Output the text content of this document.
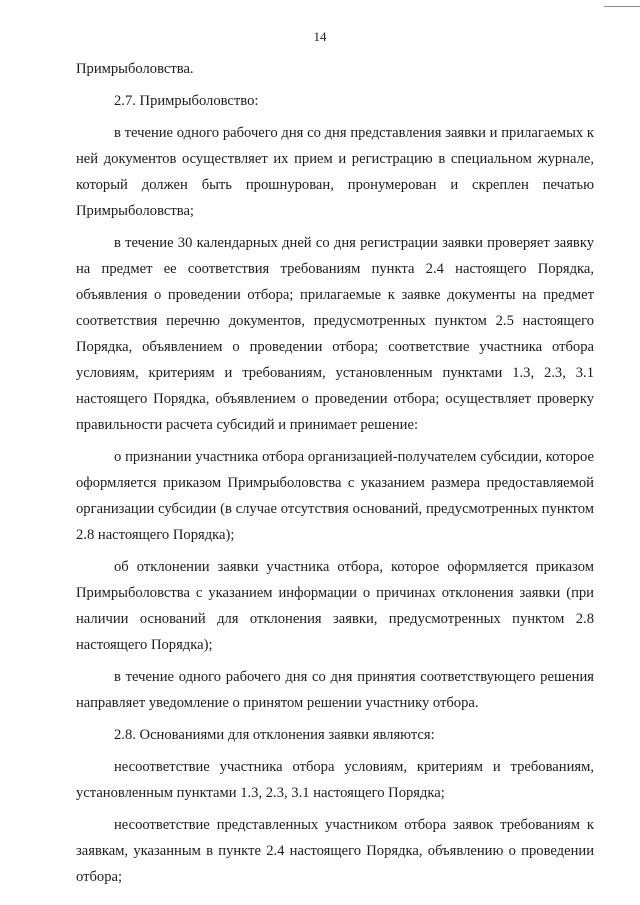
14

Примрыболовства.

2.7. Примрыболовство:

в течение одного рабочего дня со дня представления заявки и прилагаемых к ней документов осуществляет их прием и регистрацию в специальном журнале, который должен быть прошнурован, пронумерован и скреплен печатью Примрыболовства;

в течение 30 календарных дней со дня регистрации заявки проверяет заявку на предмет ее соответствия требованиям пункта 2.4 настоящего Порядка, объявления о проведении отбора; прилагаемые к заявке документы на предмет соответствия перечню документов, предусмотренных пунктом 2.5 настоящего Порядка, объявлением о проведении отбора; соответствие участника отбора условиям, критериям и требованиям, установленным пунктами 1.3, 2.3, 3.1 настоящего Порядка, объявлением о проведении отбора; осуществляет проверку правильности расчета субсидий и принимает решение:

о признании участника отбора организацией-получателем субсидии, которое оформляется приказом Примрыболовства с указанием размера предоставляемой организации субсидии (в случае отсутствия оснований, предусмотренных пунктом 2.8 настоящего Порядка);

об отклонении заявки участника отбора, которое оформляется приказом Примрыболовства с указанием информации о причинах отклонения заявки (при наличии оснований для отклонения заявки, предусмотренных пунктом 2.8 настоящего Порядка);

в течение одного рабочего дня со дня принятия соответствующего решения направляет уведомление о принятом решении участнику отбора.

2.8. Основаниями для отклонения заявки являются:

несоответствие участника отбора условиям, критериям и требованиям, установленным пунктами 1.3, 2.3, 3.1 настоящего Порядка;

несоответствие представленных участником отбора заявок требованиям к заявкам, указанным в пункте 2.4 настоящего Порядка, объявлению о проведении отбора;
